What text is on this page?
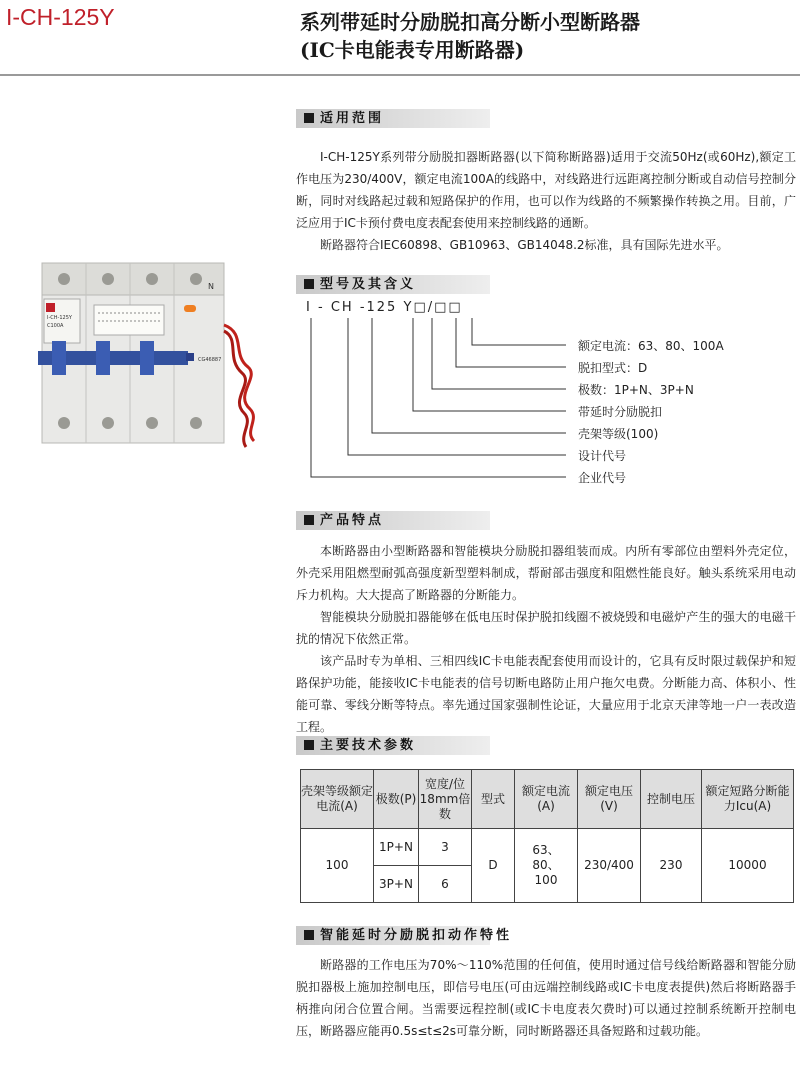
I-CH-125Y	系列带延时分励脱扣高分断小型断路器
(IC卡电能表专用断路器)
适用范围

I-CH-125Y系列带分励脱扣器断路器(以下简称断路器)适用于交流50Hz(或60Hz),额定工作电压为230/400V，额定电流100A的线路中，对线路进行远距离控制分断或自动信号控制分断，同时对线路起过载和短路保护的作用，也可以作为线路的不频繁操作转换之用。目前，广泛应用于IC卡预付费电度表配套使用来控制线路的通断。

断路器符合IEC60898、GB10963、GB14048.2标准，具有国际先进水平。

I-CH-125Y
C100A
CG46887
N	型号及其含义
I - CH -125 Y□/□□
额定电流：63、80、100A
脱扣型式：D
极数：1P+N、3P+N
带延时分励脱扣
壳架等级(100)
设计代号
企业代号
产品特点

本断路器由小型断路器和智能模块分励脱扣器组装而成。内所有零部位由塑料外壳定位，外壳采用阻燃型耐弧高强度新型塑料制成，帮耐部击强度和阻燃性能良好。触头系统采用电动斥力机构。大大提高了断路器的分断能力。

智能模块分励脱扣器能够在低电压时保护脱扣线圈不被烧毁和电磁炉产生的强大的电磁干扰的情况下依然正常。

该产品时专为单相、三相四线IC卡电能表配套使用而设计的，它具有反时限过载保护和短路保护功能，能接收IC卡电能表的信号切断电路防止用户拖欠电费。分断能力高、体积小、性能可靠、零线分断等特点。率先通过国家强制性论证，大量应用于北京天津等地一户一表改造工程。

主要技术参数
壳架等级额定电流(A)	极数(P)	宽度/位18mm倍数	型式	额定电流(A)	额定电压(V)	控制电压	额定短路分断能力Icu(A)
100	1P+N	3	D	63、80、100	230/400	230	10000
	3P+N	6					
智能延时分励脱扣动作特性

断路器的工作电压为70%～110%范围的任何值，使用时通过信号线给断路器和智能分励脱扣器极上施加控制电压，即信号电压(可由远端控制线路或IC卡电度表提供)然后将断路器手柄推向闭合位置合闸。当需要远程控制(或IC卡电度表欠费时)可以通过控制系统断开控制电压，断路器应能再0.5s≤t≤2s可靠分断，同时断路器还具备短路和过载功能。
